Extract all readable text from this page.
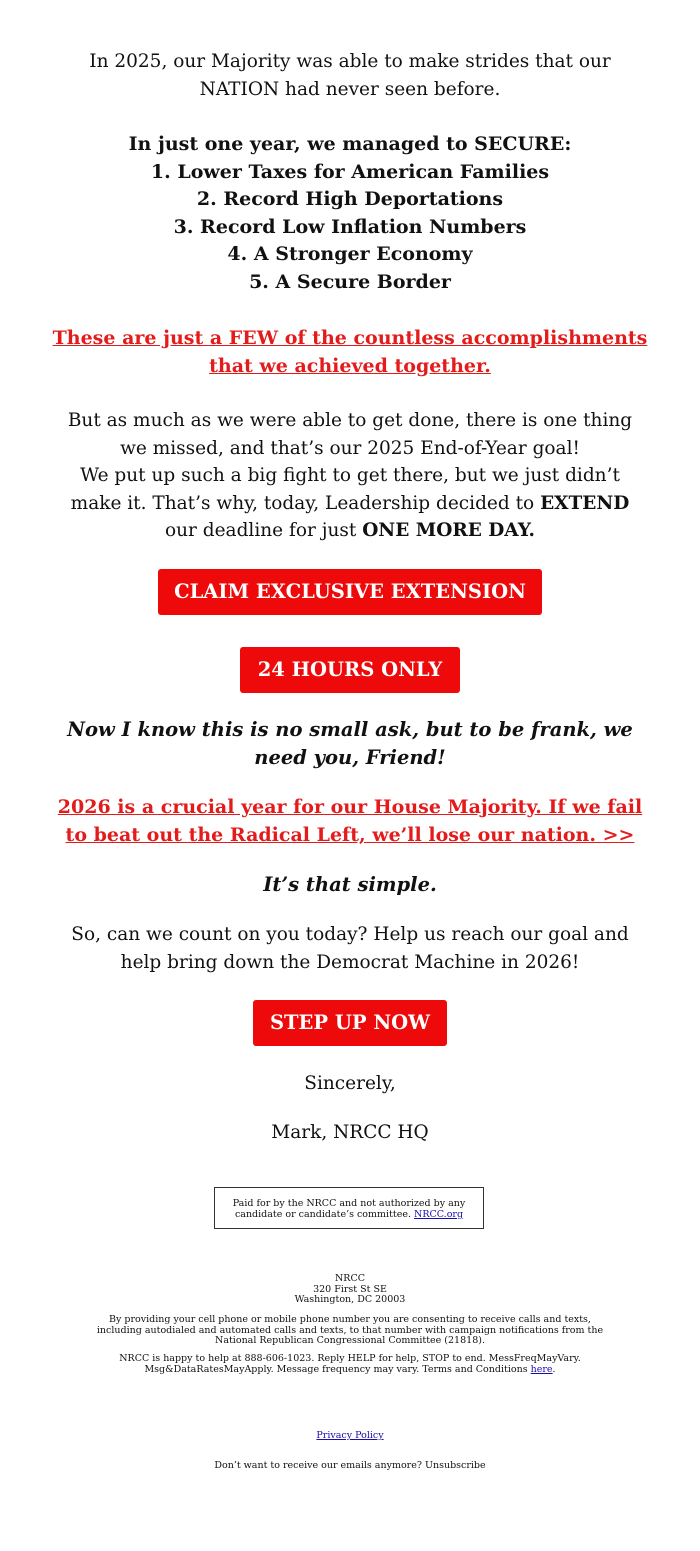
In 2025, our Majority was able to make strides that our NATION had never seen before.

In just one year, we managed to SECURE:
1. Lower Taxes for American Families
2. Record High Deportations
3. Record Low Inflation Numbers
4. A Stronger Economy
5. A Secure Border

These are just a FEW of the countless accomplishments that we achieved together.

But as much as we were able to get done, there is one thing we missed, and that’s our 2025 End-of-Year goal!

We put up such a big fight to get there, but we just didn’t make it. That’s why, today, Leadership decided to EXTEND our deadline for just ONE MORE DAY.

CLAIM EXCLUSIVE EXTENSION
24 HOURS ONLY

Now I know this is no small ask, but to be frank, we need you, Friend!

2026 is a crucial year for our House Majority. If we fail to beat out the Radical Left, we’ll lose our nation. >>

It’s that simple.

So, can we count on you today? Help us reach our goal and help bring down the Democrat Machine in 2026!

STEP UP NOW

Sincerely,

Mark, NRCC HQ

Paid for by the NRCC and not authorized by any candidate or candidate’s committee. NRCC.org
NRCC
320 First St SE
Washington, DC 20003

By providing your cell phone or mobile phone number you are consenting to receive calls and texts, including autodialed and automated calls and texts, to that number with campaign notifications from the National Republican Congressional Committee (21818).

NRCC is happy to help at 888-606-1023. Reply HELP for help, STOP to end. MessFreqMayVary. Msg&DataRatesMayApply. Message frequency may vary. Terms and Conditions here.

Privacy Policy

Don’t want to receive our emails anymore? Unsubscribe
